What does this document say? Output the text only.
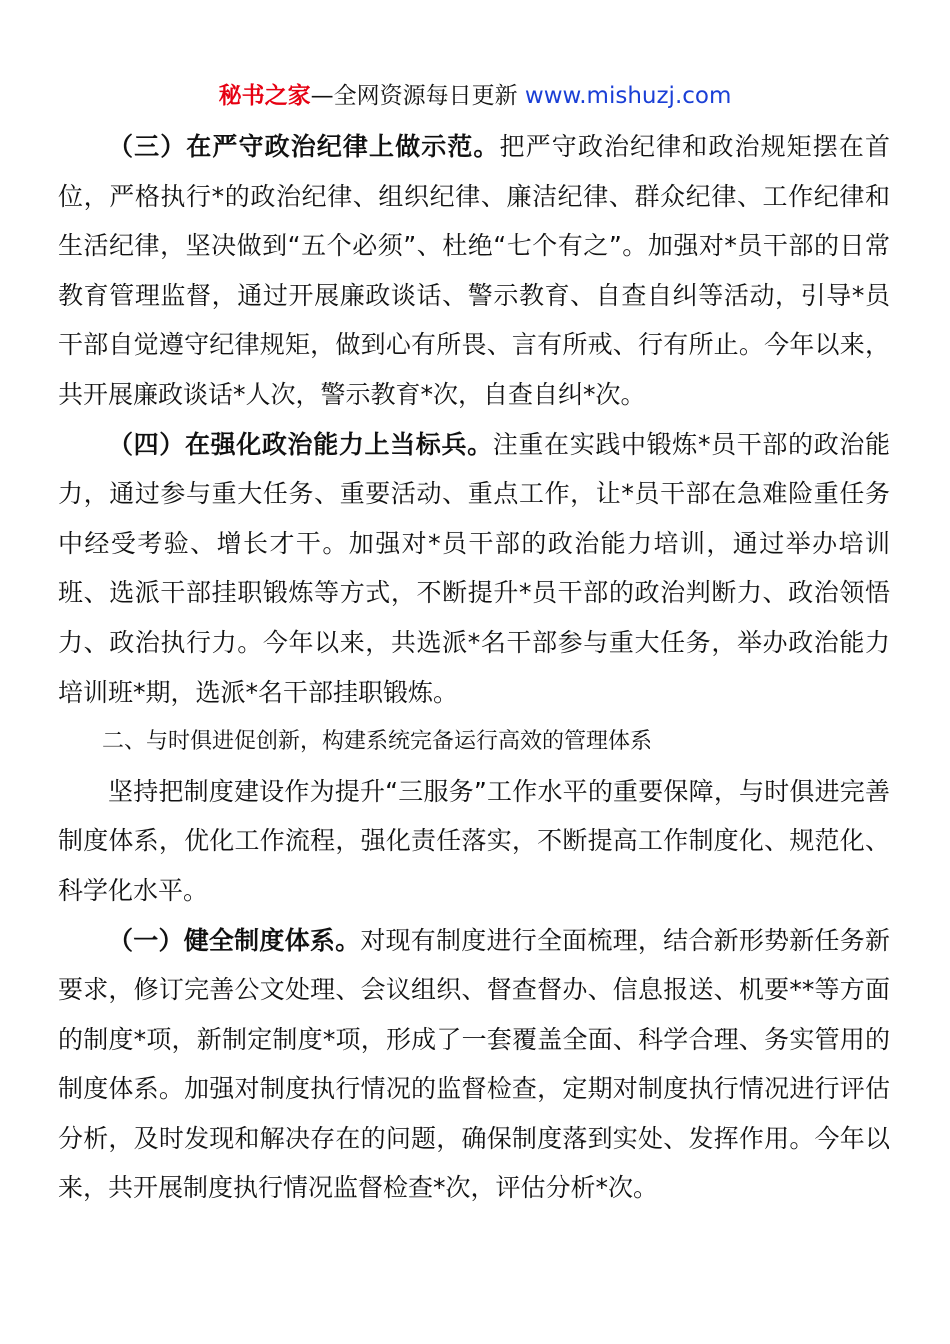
秘书之家—全网资源每日更新 www.mishuzj.com

（三）在严守政治纪律上做示范。把严守政治纪律和政治规矩摆在首位，严格执行*的政治纪律、组织纪律、廉洁纪律、群众纪律、工作纪律和生活纪律，坚决做到“五个必须”、杜绝“七个有之”。加强对*员干部的日常教育管理监督，通过开展廉政谈话、警示教育、自查自纠等活动，引导*员干部自觉遵守纪律规矩，做到心有所畏、言有所戒、行有所止。今年以来，共开展廉政谈话*人次，警示教育*次，自查自纠*次。

（四）在强化政治能力上当标兵。注重在实践中锻炼*员干部的政治能力，通过参与重大任务、重要活动、重点工作，让*员干部在急难险重任务中经受考验、增长才干。加强对*员干部的政治能力培训，通过举办培训班、选派干部挂职锻炼等方式，不断提升*员干部的政治判断力、政治领悟力、政治执行力。今年以来，共选派*名干部参与重大任务，举办政治能力培训班*期，选派*名干部挂职锻炼。

二、与时俱进促创新，构建系统完备运行高效的管理体系

坚持把制度建设作为提升“三服务”工作水平的重要保障，与时俱进完善制度体系，优化工作流程，强化责任落实，不断提高工作制度化、规范化、科学化水平。

（一）健全制度体系。对现有制度进行全面梳理，结合新形势新任务新要求，修订完善公文处理、会议组织、督查督办、信息报送、机要**等方面的制度*项，新制定制度*项，形成了一套覆盖全面、科学合理、务实管用的制度体系。加强对制度执行情况的监督检查，定期对制度执行情况进行评估分析，及时发现和解决存在的问题，确保制度落到实处、发挥作用。今年以来，共开展制度执行情况监督检查*次，评估分析*次。
